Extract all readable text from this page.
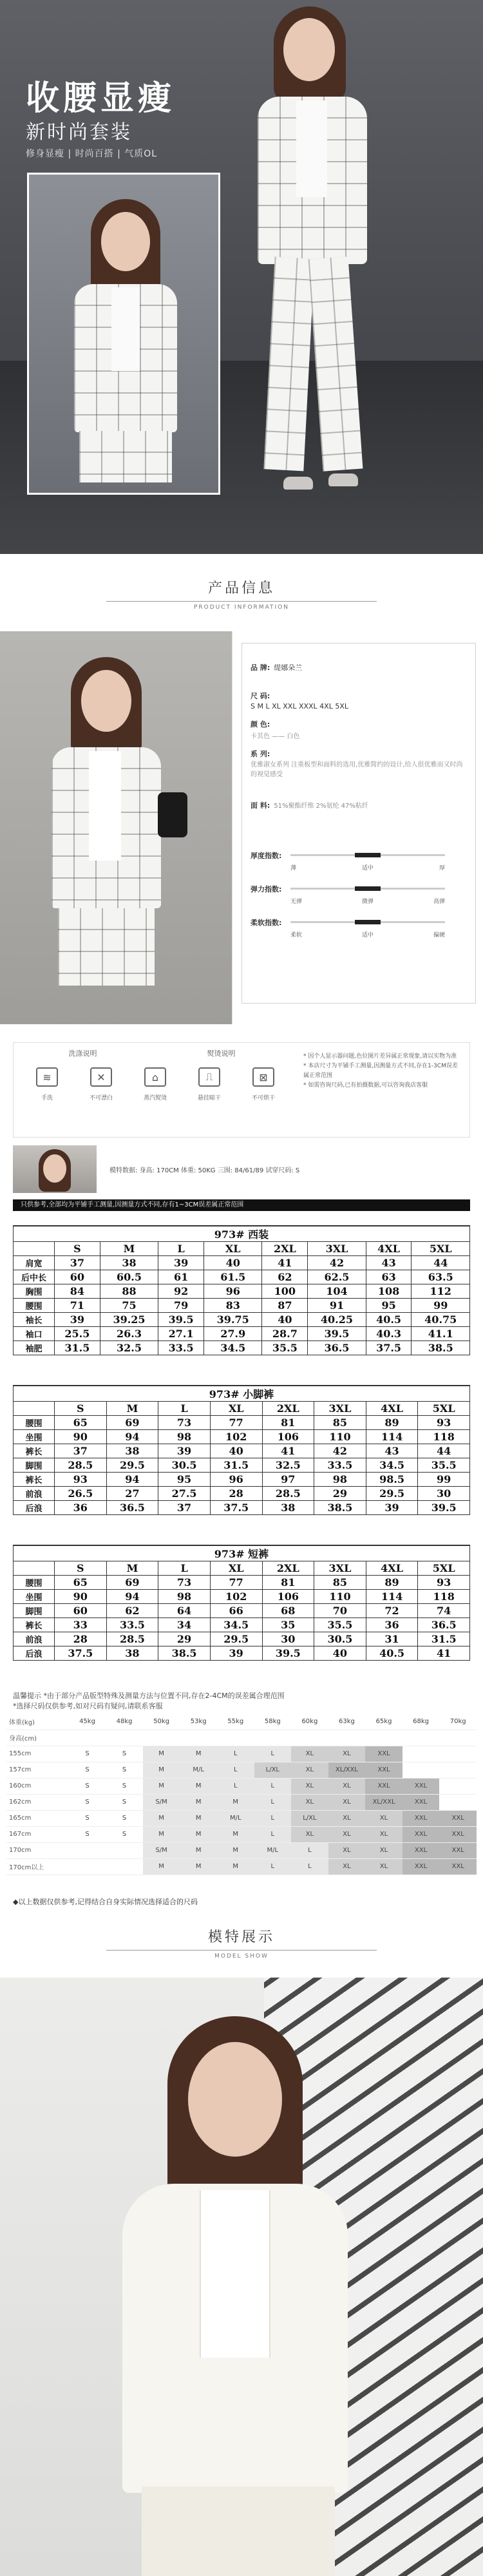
收腰显瘦
新时尚套装
修身显瘦 | 时尚百搭 | 气质OL
产品信息
PRODUCT INFORMATION
品 牌: 缇娜朵兰
尺 码:
S M L XL XXL XXXL 4XL 5XL
颜 色:
卡其色 —— 白色
系 列:
优雅淑女系列 注重板型和面料的选用,优雅简约的设计,给人很优雅而又时尚的视觉感受
面 料: 51%聚酯纤维 2%氨纶 47%粘纤
厚度指数:
薄	适中	厚
弹力指数:
无弹	微弹	高弹
柔软指数:
柔软	适中	偏硬
洗涤说明	熨烫说明
≋
手洗
✕
不可漂白
⌂
蒸汽熨烫
⎍
悬挂晾干
⊠
不可烘干
* 因个人显示器问题,色位图片差异属正常现象,请以实物为准
* 本店尺寸为平铺手工测量,因测量方式不同,存在1-3CM误差属正常范围
* 如需咨询尺码,已有拍摄数据,可以咨询我店客服
模特数据: 身高: 170CM 体重: 50KG 三围: 84/61/89 试穿尺码: S
只供参考,全部均为平铺手工测量,因测量方式不同,存有1~3CM误差属正常范围
973# 西装								
	S	M	L	XL	2XL	3XL	4XL	5XL
肩宽	37	38	39	40	41	42	43	44
后中长	60	60.5	61	61.5	62	62.5	63	63.5
胸围	84	88	92	96	100	104	108	112
腰围	71	75	79	83	87	91	95	99
袖长	39	39.25	39.5	39.75	40	40.25	40.5	40.75
袖口	25.5	26.3	27.1	27.9	28.7	39.5	40.3	41.1
袖肥	31.5	32.5	33.5	34.5	35.5	36.5	37.5	38.5
973# 小脚裤								
	S	M	L	XL	2XL	3XL	4XL	5XL
腰围	65	69	73	77	81	85	89	93
坐围	90	94	98	102	106	110	114	118
裤长	37	38	39	40	41	42	43	44
脚围	28.5	29.5	30.5	31.5	32.5	33.5	34.5	35.5
裤长	93	94	95	96	97	98	98.5	99
前浪	26.5	27	27.5	28	28.5	29	29.5	30
后浪	36	36.5	37	37.5	38	38.5	39	39.5
973# 短裤								
	S	M	L	XL	2XL	3XL	4XL	5XL
腰围	65	69	73	77	81	85	89	93
坐围	90	94	98	102	106	110	114	118
脚围	60	62	64	66	68	70	72	74
裤长	33	33.5	34	34.5	35	35.5	36	36.5
前浪	28	28.5	29	29.5	30	30.5	31	31.5
后浪	37.5	38	38.5	39	39.5	40	40.5	41
温馨提示 *由于部分产品版型特殊及测量方法与位置不同,存在2-4CM的误差属合理范围
*选择尺码仅供参考,如对尺码有疑问,请联系客服
体重(kg)	45kg	48kg	50kg	53kg	55kg	58kg	60kg	63kg	65kg	68kg	70kg
身高(cm)											
155cm	S	S	M	M	L	L	XL	XL	XXL		
157cm	S	S	M	M/L	L	L/XL	XL	XL/XXL	XXL		
160cm	S	S	M	M	L	L	XL	XL	XXL	XXL	
162cm	S	S	S/M	M	M	L	XL	XL	XL/XXL	XXL	
165cm	S	S	M	M	M/L	L	L/XL	XL	XL	XXL	XXL
167cm	S	S	M	M	M	L	XL	XL	XL	XXL	XXL
170cm			S/M	M	M	M/L	L	XL	XL	XXL	XXL
170cm以上			M	M	M	L	L	XL	XL	XXL	XXL
◆以上数据仅供参考,记得结合自身实际情况选择适合的尺码
模特展示
MODEL SHOW
